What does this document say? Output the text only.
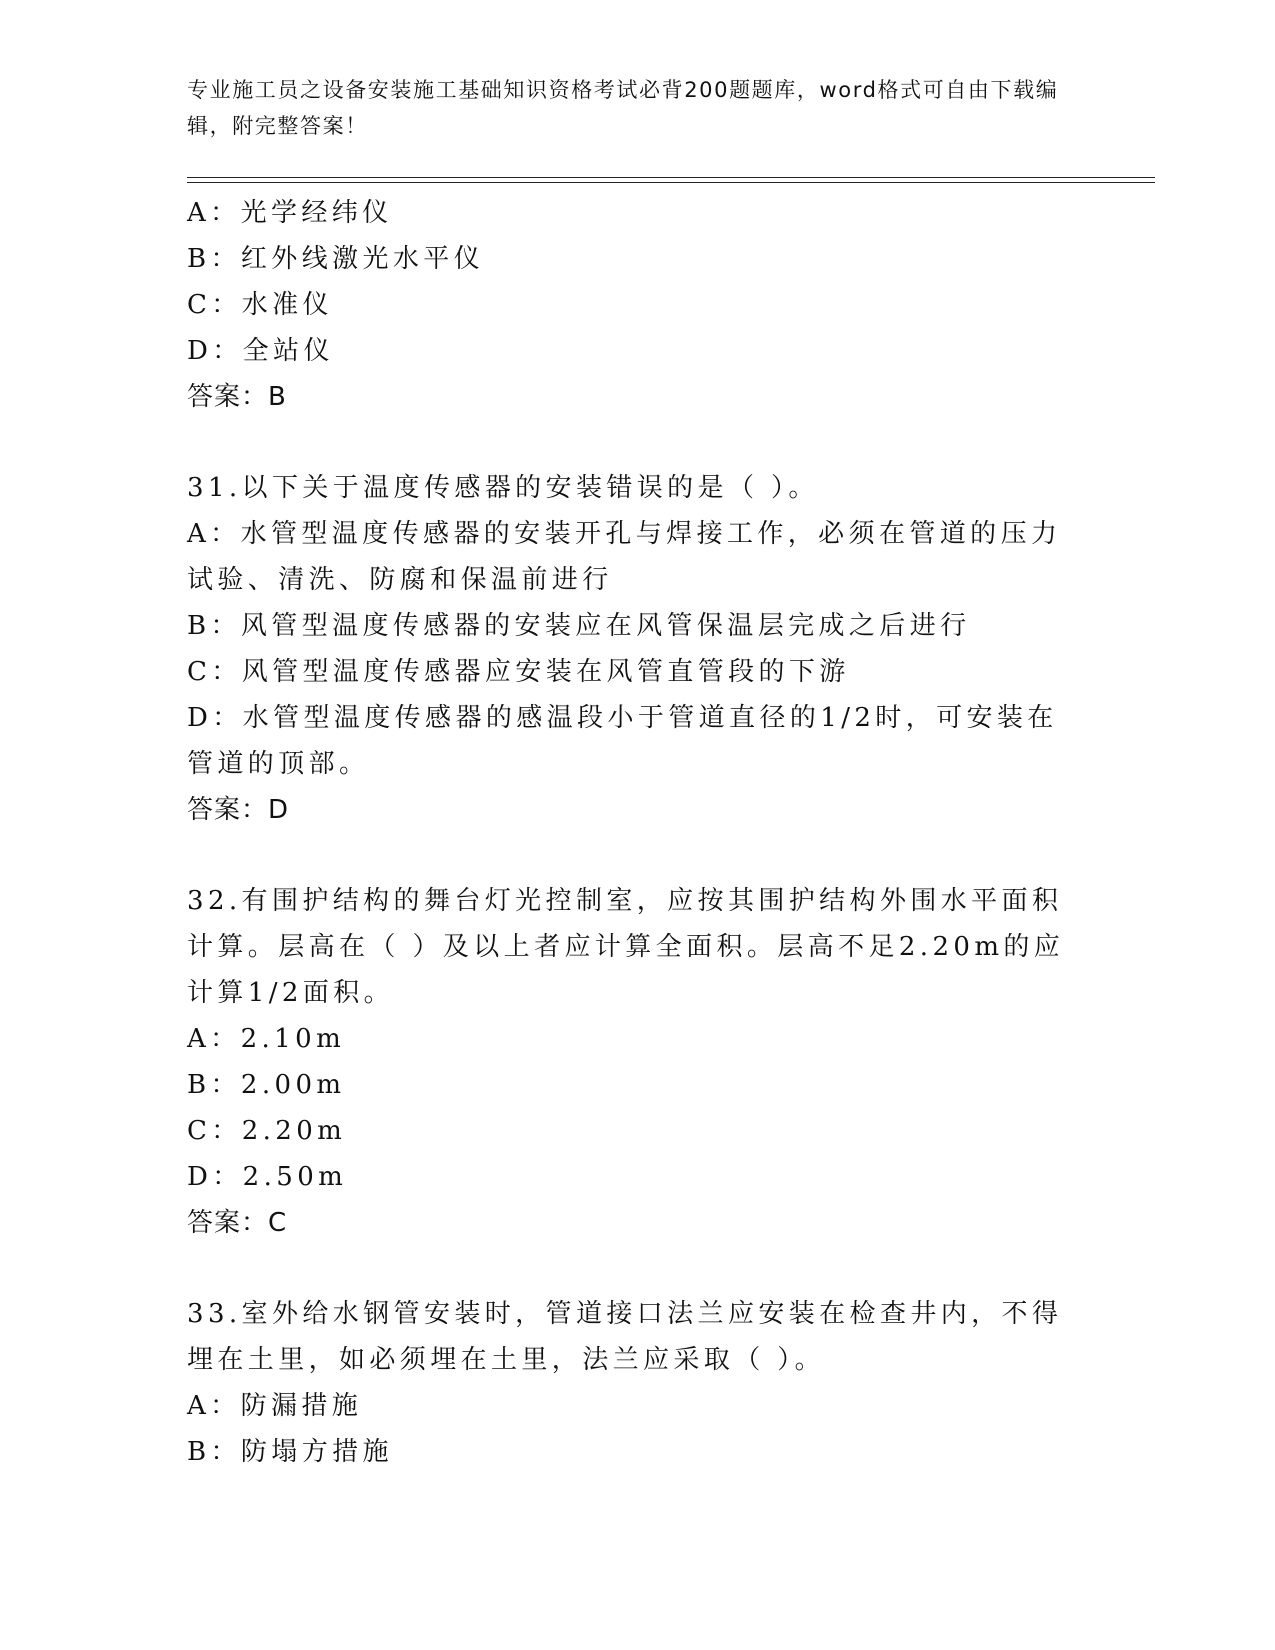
专业施工员之设备安装施工基础知识资格考试必背200题题库，word格式可自由下载编辑，附完整答案！
A：光学经纬仪
B：红外线激光水平仪
C：水准仪
D：全站仪
答案：B
31.以下关于温度传感器的安装错误的是（ ）。
A：水管型温度传感器的安装开孔与焊接工作，必须在管道的压力试验、清洗、防腐和保温前进行
B：风管型温度传感器的安装应在风管保温层完成之后进行
C：风管型温度传感器应安装在风管直管段的下游
D：水管型温度传感器的感温段小于管道直径的1/2时，可安装在管道的顶部。
答案：D
32.有围护结构的舞台灯光控制室，应按其围护结构外围水平面积计算。层高在（ ）及以上者应计算全面积。层高不足2.20m的应计算1/2面积。
A：2.10m
B：2.00m
C：2.20m
D：2.50m
答案：C
33.室外给水钢管安装时，管道接口法兰应安装在检查井内，不得埋在土里，如必须埋在土里，法兰应采取（ ）。
A：防漏措施
B：防塌方措施
